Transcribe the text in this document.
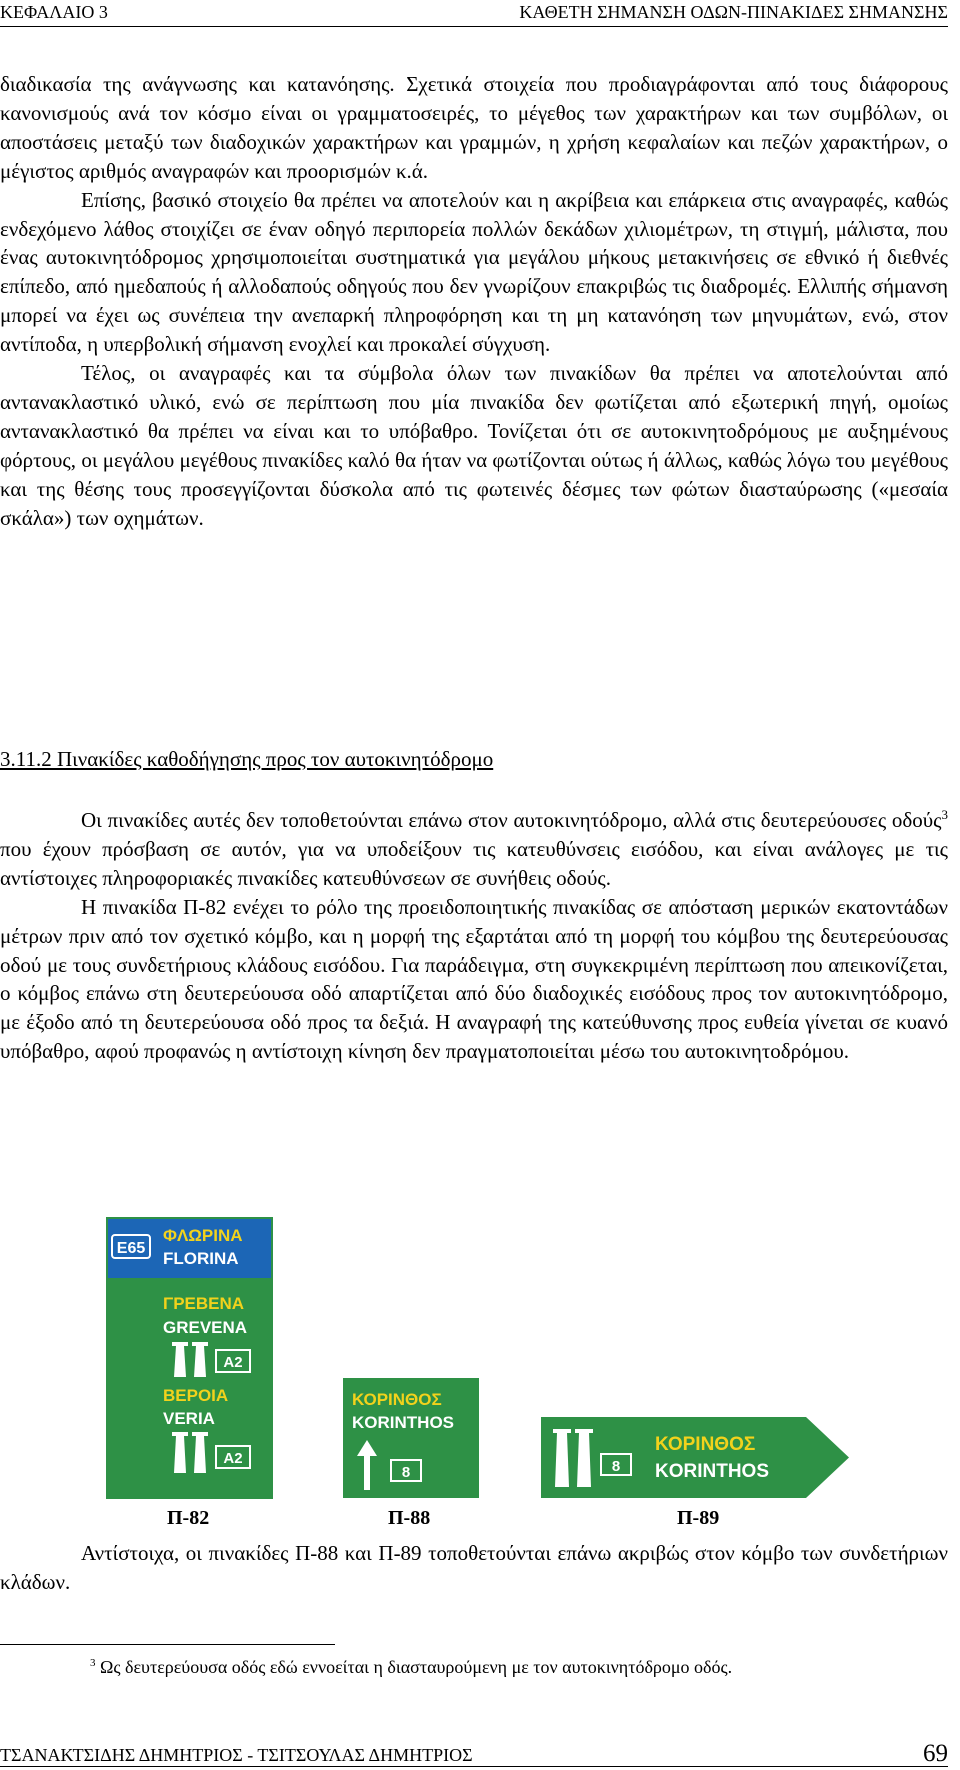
ΚΕΦΑΛΑΙΟ 3	ΚΑΘΕΤΗ ΣΗΜΑΝΣΗ ΟΔΩΝ-ΠΙΝΑΚΙΔΕΣ ΣΗΜΑΝΣΗΣ

διαδικασία της ανάγνωσης και κατανόησης. Σχετικά στοιχεία που προδιαγράφονται από τους διάφορους κανονισμούς ανά τον κόσμο είναι οι γραμματοσειρές, το μέγεθος των χαρακτήρων και των συμβόλων, οι αποστάσεις μεταξύ των διαδοχικών χαρακτήρων και γραμμών, η χρήση κεφαλαίων και πεζών χαρακτήρων, ο μέγιστος αριθμός αναγραφών και προορισμών κ.ά.

Επίσης, βασικό στοιχείο θα πρέπει να αποτελούν και η ακρίβεια και επάρκεια στις αναγραφές, καθώς ενδεχόμενο λάθος στοιχίζει σε έναν οδηγό περιπορεία πολλών δεκάδων χιλιομέτρων, τη στιγμή, μάλιστα, που ένας αυτοκινητόδρομος χρησιμοποιείται συστηματικά για μεγάλου μήκους μετακινήσεις σε εθνικό ή διεθνές επίπεδο, από ημεδαπούς ή αλλοδαπούς οδηγούς που δεν γνωρίζουν επακριβώς τις διαδρομές. Ελλιπής σήμανση μπορεί να έχει ως συνέπεια την ανεπαρκή πληροφόρηση και τη μη κατανόηση των μηνυμάτων, ενώ, στον αντίποδα, η υπερβολική σήμανση ενοχλεί και προκαλεί σύγχυση.

Τέλος, οι αναγραφές και τα σύμβολα όλων των πινακίδων θα πρέπει να αποτελούνται από αντανακλαστικό υλικό, ενώ σε περίπτωση που μία πινακίδα δεν φωτίζεται από εξωτερική πηγή, ομοίως αντανακλαστικό θα πρέπει να είναι και το υπόβαθρο. Τονίζεται ότι σε αυτοκινητοδρόμους με αυξημένους φόρτους, οι μεγάλου μεγέθους πινακίδες καλό θα ήταν να φωτίζονται ούτως ή άλλως, καθώς λόγω του μεγέθους και της θέσης τους προσεγγίζονται δύσκολα από τις φωτεινές δέσμες των φώτων διασταύρωσης («μεσαία σκάλα») των οχημάτων.

3.11.2 Πινακίδες καθοδήγησης προς τον αυτοκινητόδρομο

Οι πινακίδες αυτές δεν τοποθετούνται επάνω στον αυτοκινητόδρομο, αλλά στις δευτερεύουσες οδούς$^3$ που έχουν πρόσβαση σε αυτόν, για να υποδείξουν τις κατευθύνσεις εισόδου, και είναι ανάλογες με τις αντίστοιχες πληροφοριακές πινακίδες κατευθύνσεων σε συνήθεις οδούς.

Η πινακίδα Π-82 ενέχει το ρόλο της προειδοποιητικής πινακίδας σε απόσταση μερικών εκατοντάδων μέτρων πριν από τον σχετικό κόμβο, και η μορφή της εξαρτάται από τη μορφή του κόμβου της δευτερεύουσας οδού με τους συνδετήριους κλάδους εισόδου. Για παράδειγμα, στη συγκεκριμένη περίπτωση που απεικονίζεται, ο κόμβος επάνω στη δευτερεύουσα οδό απαρτίζεται από δύο διαδοχικές εισόδους προς τον αυτοκινητόδρομο, με έξοδο από τη δευτερεύουσα οδό προς τα δεξιά. Η αναγραφή της κατεύθυνσης προς ευθεία γίνεται σε κυανό υπόβαθρο, αφού προφανώς η αντίστοιχη κίνηση δεν πραγματοποιείται μέσω του αυτοκινητοδρόμου.

E65
ΦΛΩΡΙΝΑ
FLORINA
ΓΡΕΒΕΝΑ
GREVENA
A2
ΒΕΡΟΙΑ
VERIA
A2
ΚΟΡΙΝΘΟΣ
KORINTHOS
8	8
ΚΟΡΙΝΘΟΣ
KORINTHOS
Π-82	Π-88	Π-89

Αντίστοιχα, οι πινακίδες Π-88 και Π-89 τοποθετούνται επάνω ακριβώς στον κόμβο των συνδετήριων κλάδων.

$^3$ Ως δευτερεύουσα οδός εδώ εννοείται η διασταυρούμενη με τον αυτοκινητόδρομο οδός.
ΤΣΑΝΑΚΤΣΙΔΗΣ ΔΗΜΗΤΡΙΟΣ - ΤΣΙΤΣΟΥΛΑΣ ΔΗΜΗΤΡΙΟΣ	69
